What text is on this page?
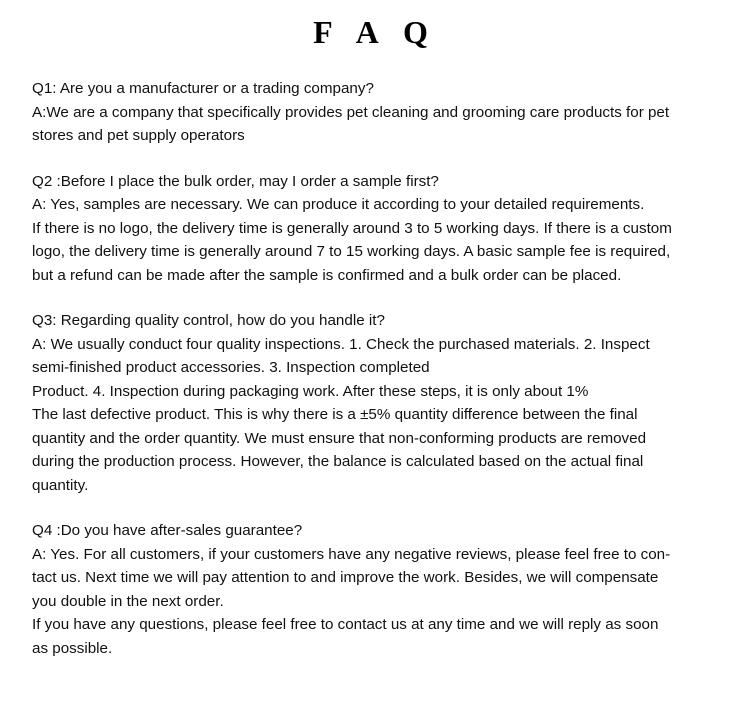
F A Q
Q1: Are you a manufacturer or a trading company?
A:We are a company that specifically provides pet cleaning and grooming care products for pet
stores and pet supply operators
Q2 :Before I place the bulk order, may I order a sample first?
A: Yes, samples are necessary. We can produce it according to your detailed requirements.
If there is no logo, the delivery time is generally around 3 to 5 working days. If there is a custom
logo, the delivery time is generally around 7 to 15 working days. A basic sample fee is required,
but a refund can be made after the sample is confirmed and a bulk order can be placed.
Q3: Regarding quality control, how do you handle it?
A: We usually conduct four quality inspections. 1. Check the purchased materials. 2. Inspect
semi-finished product accessories. 3. Inspection completed
Product. 4. Inspection during packaging work. After these steps, it is only about 1%
The last defective product. This is why there is a ±5% quantity difference between the final
quantity and the order quantity. We must ensure that non-conforming products are removed
during the production process. However, the balance is calculated based on the actual final
quantity.
Q4 :Do you have after-sales guarantee?
A: Yes. For all customers, if your customers have any negative reviews, please feel free to con-
tact us. Next time we will pay attention to and improve the work. Besides, we will compensate
you double in the next order.
If you have any questions, please feel free to contact us at any time and we will reply as soon
as possible.
